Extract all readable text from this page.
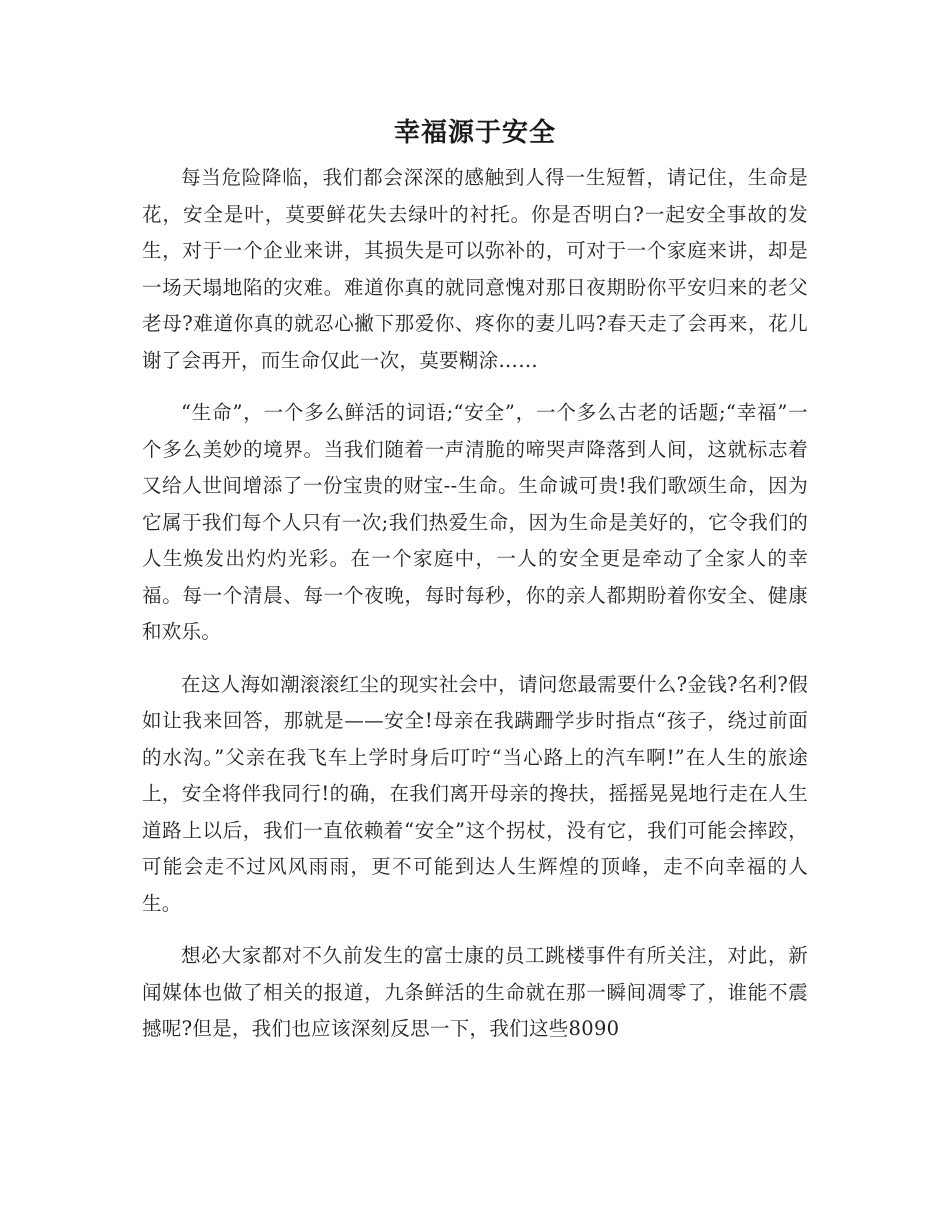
幸福源于安全

每当危险降临，我们都会深深的感触到人得一生短暂，请记住，生命是花，安全是叶，莫要鲜花失去绿叶的衬托。你是否明白?一起安全事故的发生，对于一个企业来讲，其损失是可以弥补的，可对于一个家庭来讲，却是一场天塌地陷的灾难。难道你真的就同意愧对那日夜期盼你平安归来的老父老母?难道你真的就忍心撇下那爱你、疼你的妻儿吗?春天走了会再来，花儿谢了会再开，而生命仅此一次，莫要糊涂……

“生命”，一个多么鲜活的词语;“安全”，一个多么古老的话题;“幸福”一个多么美妙的境界。当我们随着一声清脆的啼哭声降落到人间，这就标志着又给人世间增添了一份宝贵的财宝--生命。生命诚可贵!我们歌颂生命，因为它属于我们每个人只有一次;我们热爱生命，因为生命是美好的，它令我们的人生焕发出灼灼光彩。在一个家庭中，一人的安全更是牵动了全家人的幸福。每一个清晨、每一个夜晚，每时每秒，你的亲人都期盼着你安全、健康和欢乐。

在这人海如潮滚滚红尘的现实社会中，请问您最需要什么?金钱?名利?假如让我来回答，那就是——安全!母亲在我蹒跚学步时指点“孩子，绕过前面的水沟。”父亲在我飞车上学时身后叮咛“当心路上的汽车啊!”在人生的旅途上，安全将伴我同行!的确，在我们离开母亲的搀扶，摇摇晃晃地行走在人生道路上以后，我们一直依赖着“安全”这个拐杖，没有它，我们可能会摔跤，可能会走不过风风雨雨，更不可能到达人生辉煌的顶峰，走不向幸福的人生。

想必大家都对不久前发生的富士康的员工跳楼事件有所关注，对此，新闻媒体也做了相关的报道，九条鲜活的生命就在那一瞬间凋零了，谁能不震撼呢?但是，我们也应该深刻反思一下，我们这些8090
